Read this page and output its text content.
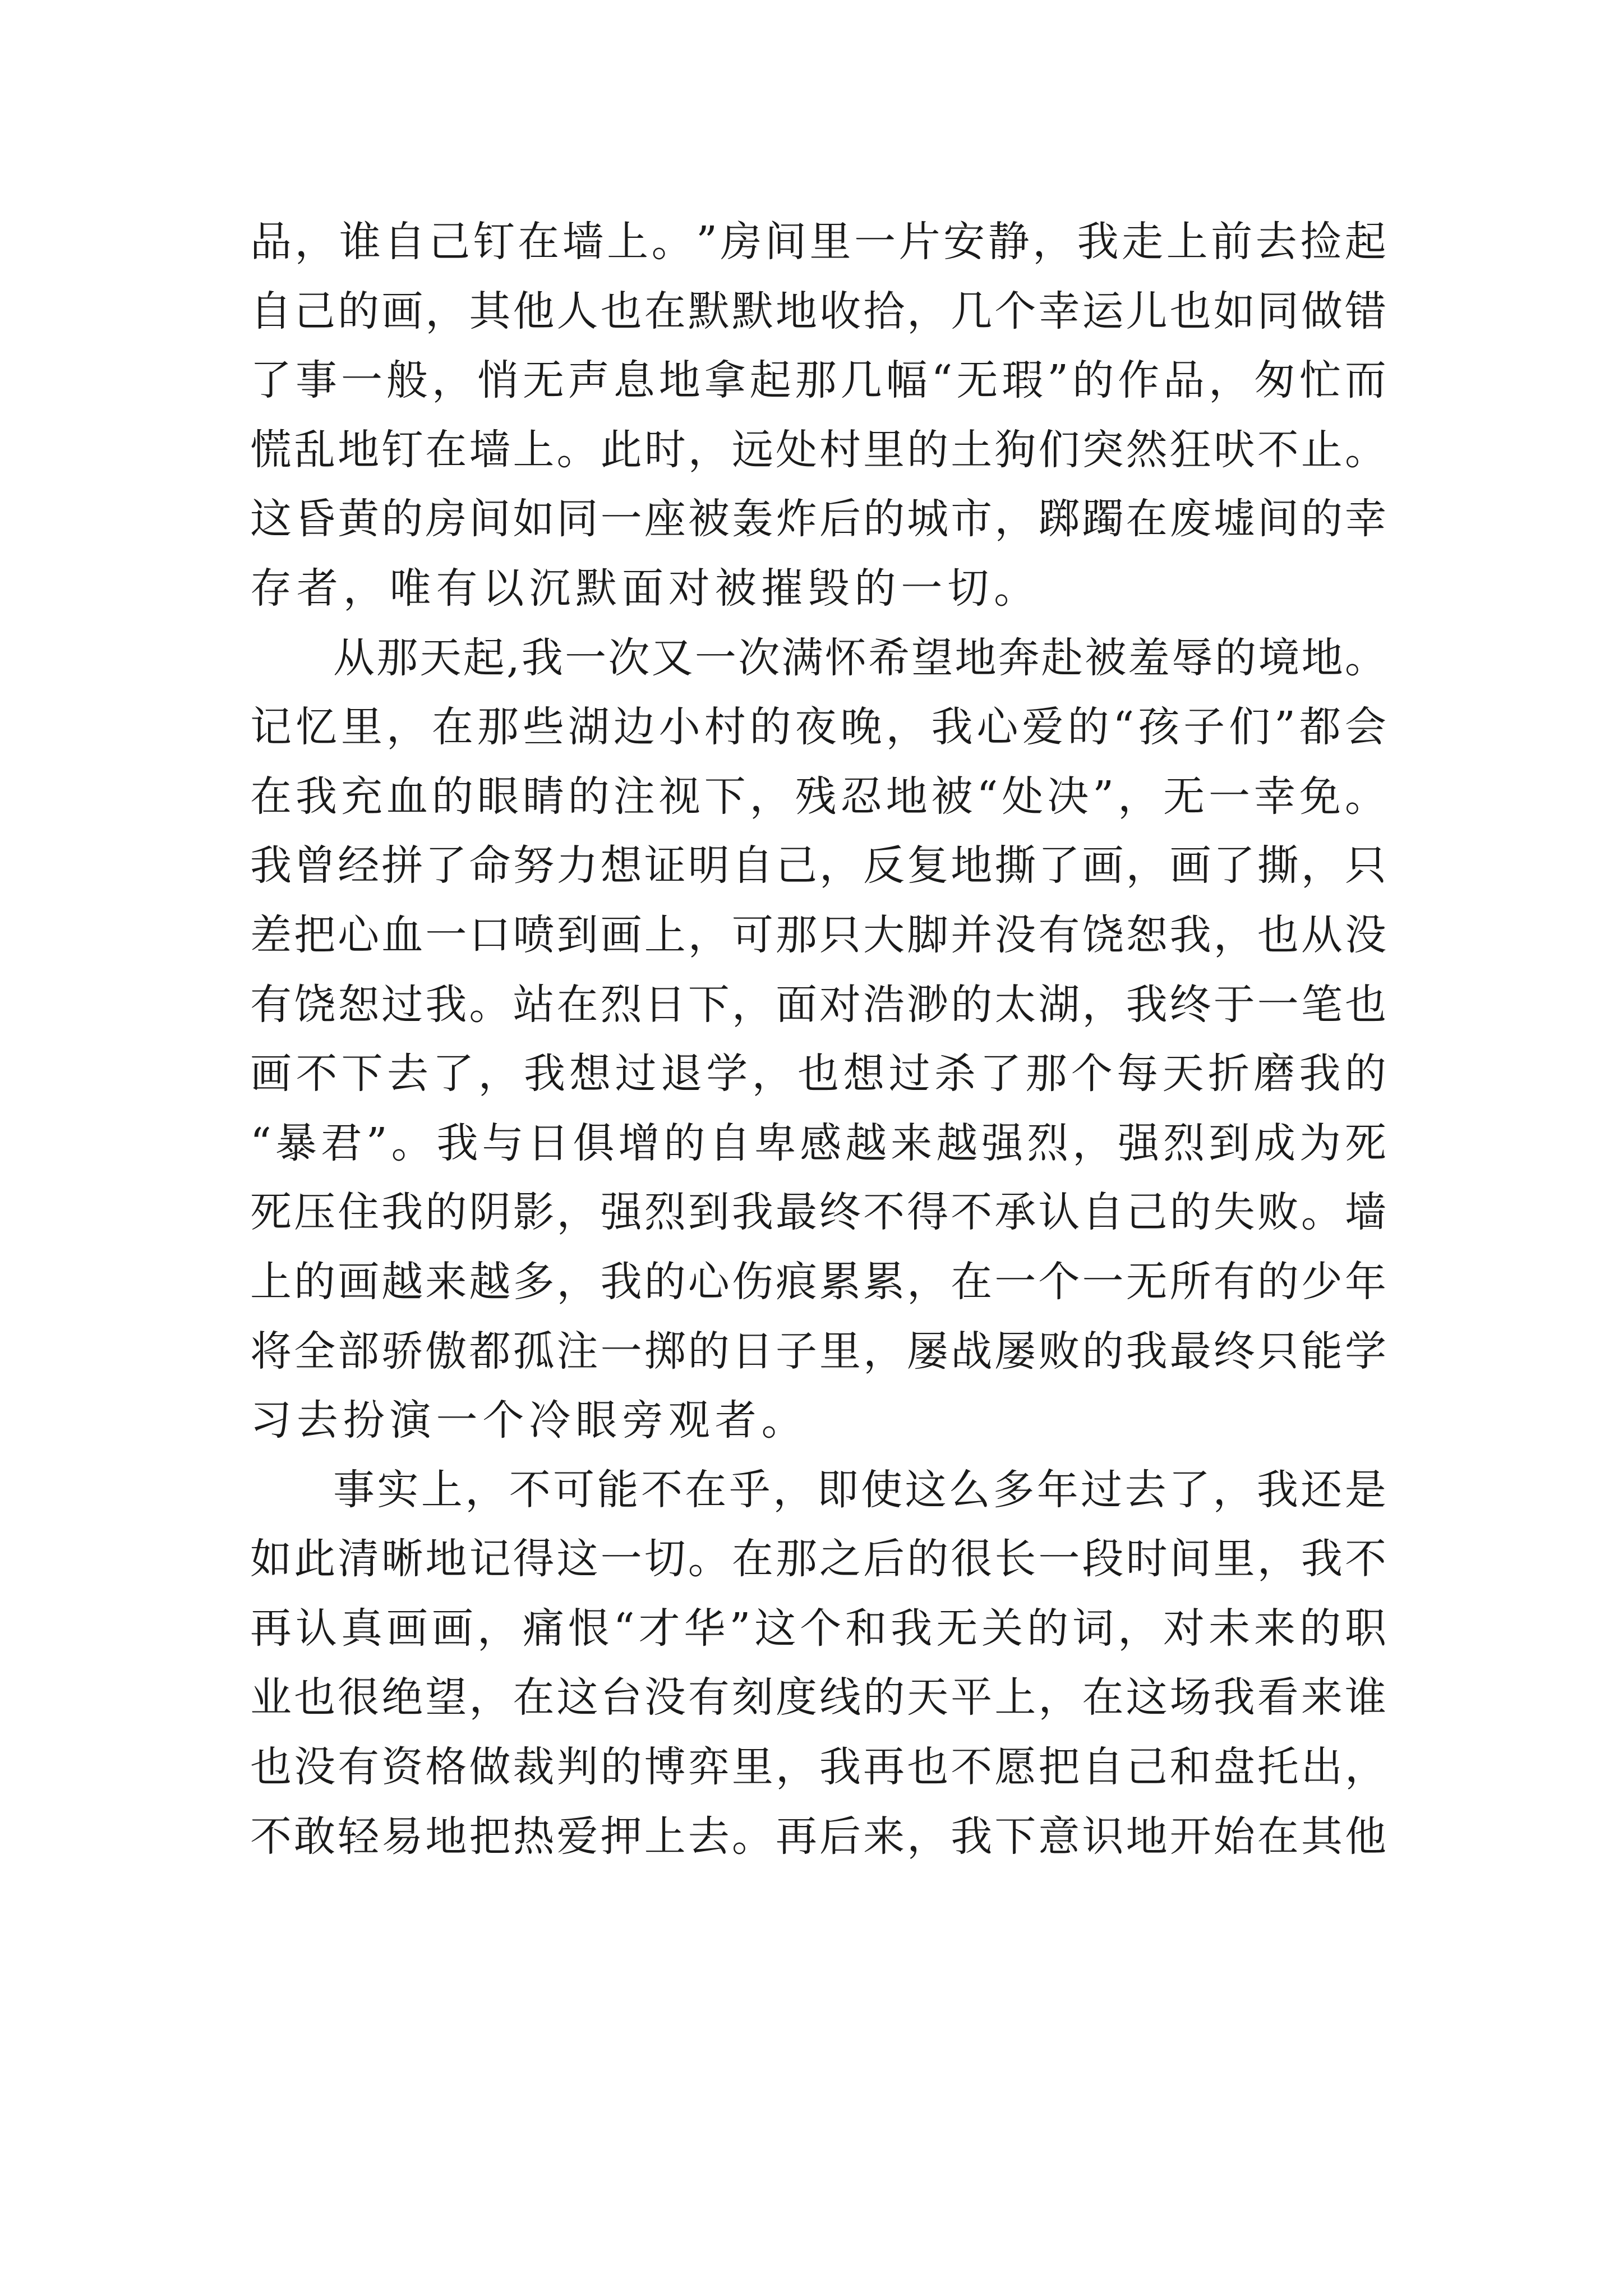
品 ， 谁 自 己 钉 在 墙 上 。 ” 房 间 里 一 片 安 静 ， 我 走 上 前 去 捡 起
自 己 的 画 ， 其 他 人 也 在 默 默 地 收 拾 ， 几 个 幸 运 儿 也 如 同 做 错
了 事 一 般 ， 悄 无 声 息 地 拿 起 那 几 幅 “ 无 瑕 ” 的 作 品 ， 匆 忙 而
慌 乱 地 钉 在 墙 上 。 此 时 ， 远 处 村 里 的 土 狗 们 突 然 狂 吠 不 止 。
这 昏 黄 的 房 间 如 同 一 座 被 轰 炸 后 的 城 市 ， 踯 躅 在 废 墟 间 的 幸
存者，唯有以沉默面对被摧毁的一切。
从 那 天 起 , 我 一 次 又 一 次 满 怀 希 望 地 奔 赴 被 羞 辱 的 境 地 。
记 忆 里 ， 在 那 些 湖 边 小 村 的 夜 晚 ， 我 心 爱 的 “ 孩 子 们 ” 都 会
在 我 充 血 的 眼 睛 的 注 视 下 ， 残 忍 地 被 “ 处 决 ” ， 无 一 幸 免 。
我 曾 经 拼 了 命 努 力 想 证 明 自 己 ， 反 复 地 撕 了 画 ， 画 了 撕 ， 只
差 把 心 血 一 口 喷 到 画 上 ， 可 那 只 大 脚 并 没 有 饶 恕 我 ， 也 从 没
有 饶 恕 过 我 。 站 在 烈 日 下 ， 面 对 浩 渺 的 太 湖 ， 我 终 于 一 笔 也
画 不 下 去 了 ， 我 想 过 退 学 ， 也 想 过 杀 了 那 个 每 天 折 磨 我 的
“ 暴 君 ” 。 我 与 日 俱 增 的 自 卑 感 越 来 越 强 烈 ， 强 烈 到 成 为 死
死 压 住 我 的 阴 影 ， 强 烈 到 我 最 终 不 得 不 承 认 自 己 的 失 败 。 墙
上 的 画 越 来 越 多 ， 我 的 心 伤 痕 累 累 ， 在 一 个 一 无 所 有 的 少 年
将 全 部 骄 傲 都 孤 注 一 掷 的 日 子 里 ， 屡 战 屡 败 的 我 最 终 只 能 学
习去扮演一个冷眼旁观者。
事 实 上 ， 不 可 能 不 在 乎 ， 即 使 这 么 多 年 过 去 了 ， 我 还 是
如 此 清 晰 地 记 得 这 一 切 。 在 那 之 后 的 很 长 一 段 时 间 里 ， 我 不
再 认 真 画 画 ， 痛 恨 “ 才 华 ” 这 个 和 我 无 关 的 词 ， 对 未 来 的 职
业 也 很 绝 望 ， 在 这 台 没 有 刻 度 线 的 天 平 上 ， 在 这 场 我 看 来 谁
也 没 有 资 格 做 裁 判 的 博 弈 里 ， 我 再 也 不 愿 把 自 己 和 盘 托 出 ，
不 敢 轻 易 地 把 热 爱 押 上 去 。 再 后 来 ， 我 下 意 识 地 开 始 在 其 他
